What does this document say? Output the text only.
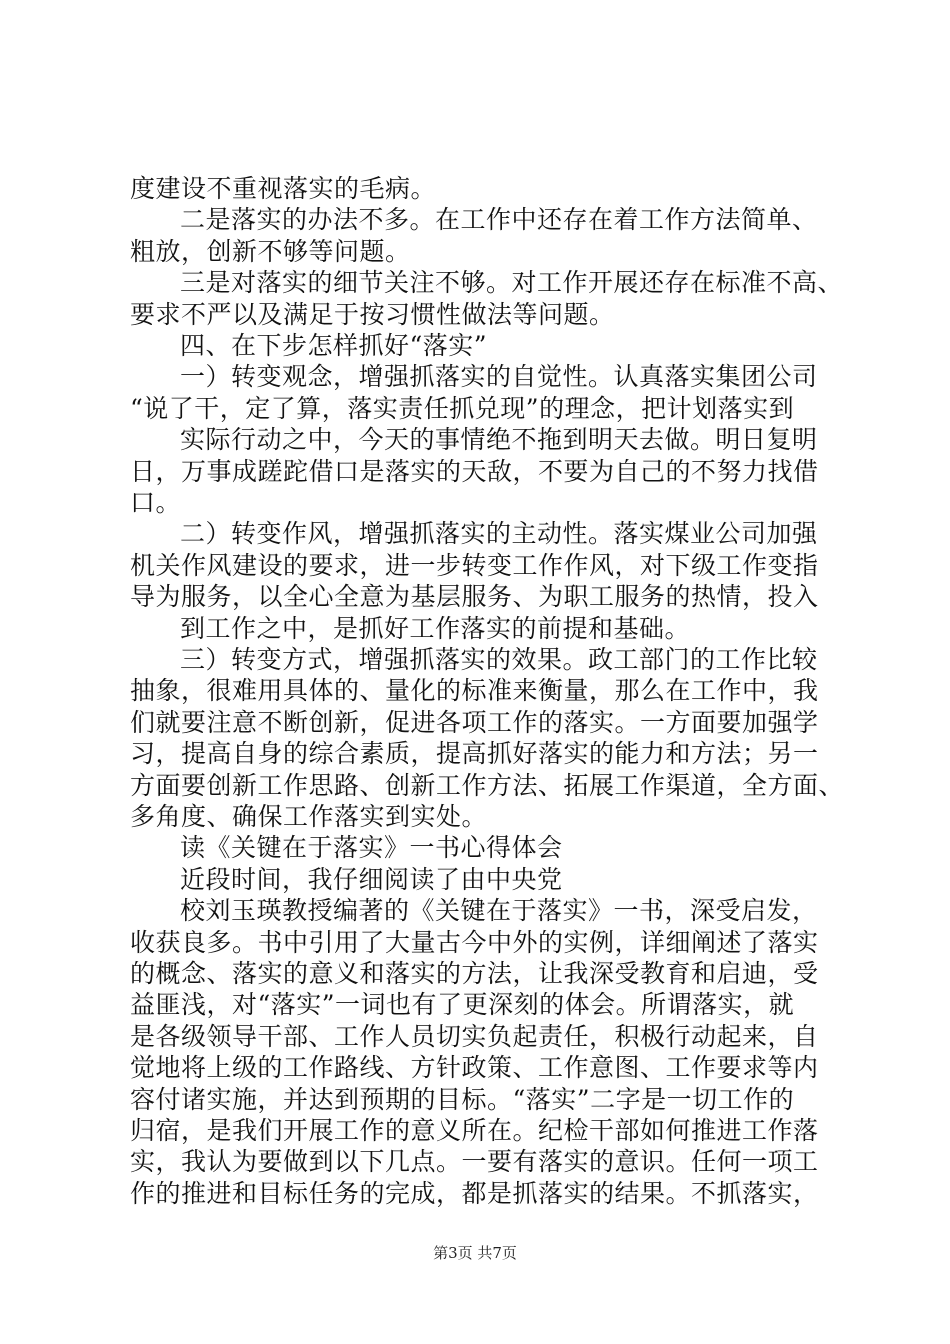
度建设不重视落实的毛病。

二是落实的办法不多。在工作中还存在着工作方法简单、

粗放，创新不够等问题。

三是对落实的细节关注不够。对工作开展还存在标准不高、

要求不严以及满足于按习惯性做法等问题。

四、在下步怎样抓好“落实”

一）转变观念，增强抓落实的自觉性。认真落实集团公司

“说了干，定了算，落实责任抓兑现”的理念，把计划落实到

实际行动之中，今天的事情绝不拖到明天去做。明日复明

日，万事成蹉跎借口是落实的天敌，不要为自己的不努力找借

口。

二）转变作风，增强抓落实的主动性。落实煤业公司加强

机关作风建设的要求，进一步转变工作作风，对下级工作变指

导为服务，以全心全意为基层服务、为职工服务的热情，投入

到工作之中，是抓好工作落实的前提和基础。

三）转变方式，增强抓落实的效果。政工部门的工作比较

抽象，很难用具体的、量化的标准来衡量，那么在工作中，我

们就要注意不断创新，促进各项工作的落实。一方面要加强学

习，提高自身的综合素质，提高抓好落实的能力和方法；另一

方面要创新工作思路、创新工作方法、拓展工作渠道，全方面、

多角度、确保工作落实到实处。

读《关键在于落实》一书心得体会

近段时间，我仔细阅读了由中央党

校刘玉瑛教授编著的《关键在于落实》一书，深受启发，

收获良多。书中引用了大量古今中外的实例，详细阐述了落实

的概念、落实的意义和落实的方法，让我深受教育和启迪，受

益匪浅，对“落实”一词也有了更深刻的体会。所谓落实，就

是各级领导干部、工作人员切实负起责任，积极行动起来，自

觉地将上级的工作路线、方针政策、工作意图、工作要求等内

容付诸实施，并达到预期的目标。“落实”二字是一切工作的

归宿，是我们开展工作的意义所在。纪检干部如何推进工作落

实，我认为要做到以下几点。一要有落实的意识。任何一项工

作的推进和目标任务的完成，都是抓落实的结果。不抓落实，

第3页 共7页
